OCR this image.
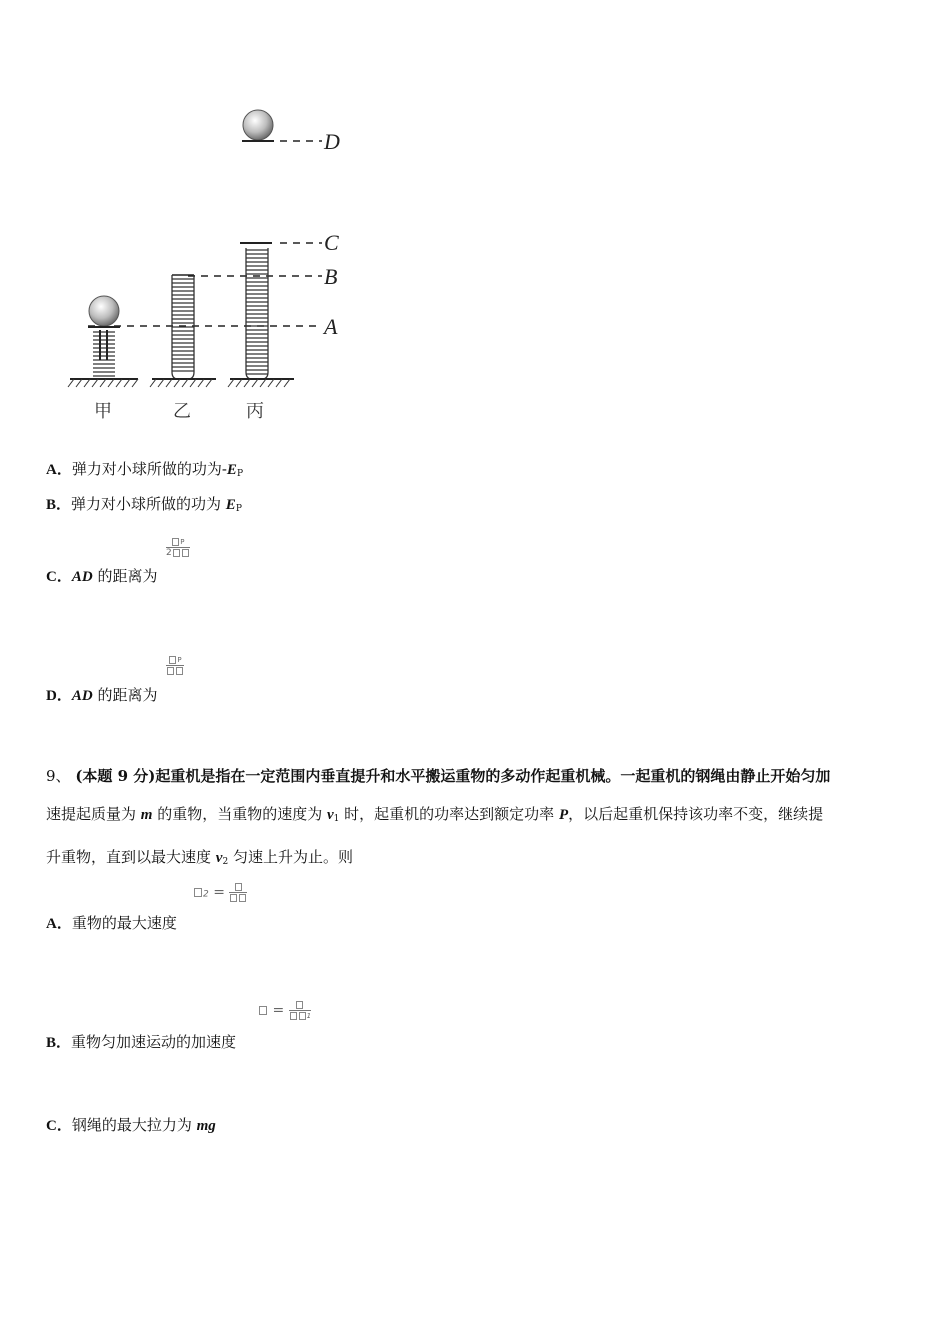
D
C
B
A
甲	乙	丙
A．弹力对小球所做的功为$-E_P$
B．弹力对小球所做的功为 $E_P$
$\frac{P}{2}$
C．AD 的距离为
P
D．AD 的距离为
9、 (本题 9 分)起重机是指在一定范围内垂直提升和水平搬运重物的多动作起重机械。一起重机的钢绳由静止开始匀加
速提起质量为 m 的重物，当重物的速度为 $v_1$ 时，起重机的功率达到额定功率 P，以后起重机保持该功率不变，继续提
升重物，直到以最大速度 $v_2$ 匀速上升为止。则
2 =
A．重物的最大速度
=	1
B．重物匀加速运动的加速度
C．钢绳的最大拉力为 mg
